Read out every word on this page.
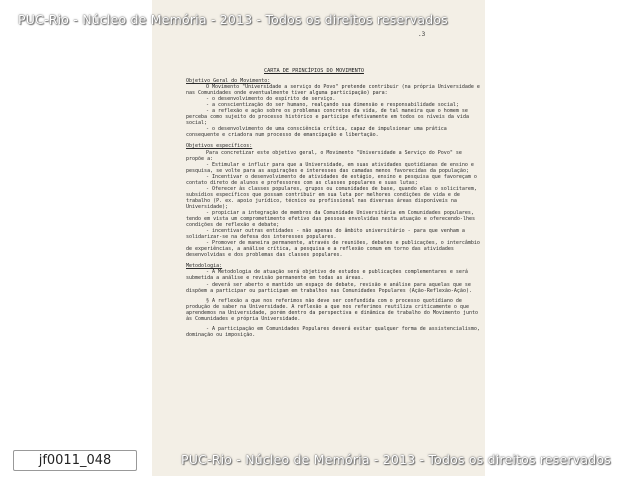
PUC-Rio - Núcleo de Memória - 2013 - Todos os direitos reservados
.3
CARTA DE PRINCÍPIOS DO MOVIMENTO

Objetivo Geral do Movimento:

O Movimento "Universidade a serviço do Povo" pretende contribuir (na própria Universidade e nas Comunidades onde eventualmente tiver alguma participação) para:

- o desenvolvimento do espírito de serviço.

- a conscientização do ser humano, realçando sua dimensão e responsabilidade social;

- a reflexão e ação sobre os problemas concretos da vida, de tal maneira que o homem se perceba como sujeito do processo histórico e participe efetivamente em todos os níveis da vida social;

- o desenvolvimento de uma consciência crítica, capaz de impulsionar uma prática consequente e criadora num processo de emancipação e libertação.

Objetivos específicos:

Para concretizar este objetivo geral, o Movimento "Universidade a Serviço do Povo" se propõe a:

- Estimular e influir para que a Universidade, em suas atividades quotidianas de ensino e pesquisa, se volte para as aspirações e interesses das camadas menos favorecidas da população;

- Incentivar o desenvolvimento de atividades de estágio, ensino e pesquisa que favoreçam o contato direto de alunos e professores com as classes populares e suas lutas;

- Oferecer às classes populares, grupos ou comunidades de base, quando elas o solicitarem, subsídios específicos que possam contribuir em sua luta por melhores condições de vida e de trabalho (P. ex. apoio jurídico, técnico ou profissional nas diversas áreas disponíveis na Universidade);

- propiciar a integração de membros da Comunidade Universitária em Comunidades populares, tendo em vista um comprometimento efetivo das pessoas envolvidas nesta atuação e oferecendo-lhes condições de reflexão e debate;

- incentivar outras entidades - não apenas do âmbito universitário - para que venham a solidarizar-se na defesa dos interesses populares.

- Promover de maneira permanente, através de reuniões, debates e publicações, o intercâmbio de experiências, a análise crítica, a pesquisa e a reflexão comum em torno das atividades desenvolvidas e dos problemas das classes populares.

Metodologia:

- A Metodologia de atuação será objetivo de estudos e publicações complementares e será submetida a análise e revisão permanente em todas as áreas.

- deverá ser aberto e mantido um espaço de debate, revisão e análise para aquelas que se dispõem a participar ou participam em trabalhos nas Comunidades Populares (Ação-Reflexão-Ação).

§ A reflexão a que nos referimos não deve ser confundida com o processo quotidiano de produção de saber na Universidade. A reflexão a que nos referimos reutiliza criticamente o que aprendemos na Universidade, porém dentro da perspectiva e dinâmica de trabalho do Movimento junto às Comunidades e própria Universidade.

- A participação em Comunidades Populares deverá evitar qualquer forma de assistencialismo, dominação ou imposição.

PUC-Rio - Núcleo de Memória - 2013 - Todos os direitos reservados
jf0011_048
